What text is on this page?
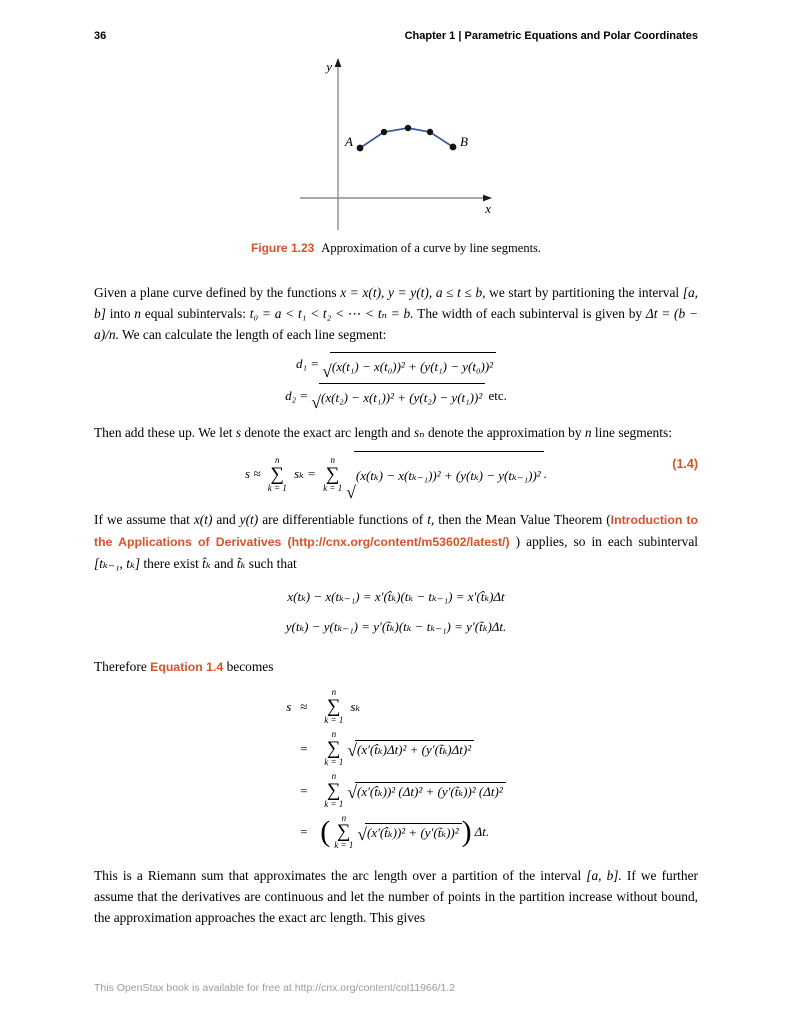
36	Chapter 1 | Parametric Equations and Polar Coordinates
y
x
A	B
Figure 1.23 Approximation of a curve by line segments.

Given a plane curve defined by the functions x = x(t), y = y(t), a ≤ t ≤ b, we start by partitioning the interval [a, b] into n equal subintervals: t₀ = a < t₁ < t₂ < ⋯ < tₙ = b. The width of each subinterval is given by Δt = (b − a)/n. We can calculate the length of each line segment:

d₁ = √ (x(t₁) − x(t₀))² + (y(t₁) − y(t₀))²
d₂ = √ (x(t₂) − x(t₁))² + (y(t₂) − y(t₁))² etc.

Then add these up. We let s denote the exact arc length and sₙ denote the approximation by n line segments:

s ≈
n
∑
k = 1
sₖ =
n
∑
k = 1
√ (x(tₖ) − x(tₖ₋₁))² + (y(tₖ) − y(tₖ₋₁))² .
(1.4)

If we assume that x(t) and y(t) are differentiable functions of t, then the Mean Value Theorem (Introduction to the Applications of Derivatives (http://cnx.org/content/m53602/latest/) ) applies, so in each subinterval [tₖ₋₁, tₖ] there exist t̂ₖ and t̃ₖ such that

x(tₖ) − x(tₖ₋₁) = x′(t̂ₖ)(tₖ − tₖ₋₁) = x′(t̂ₖ)Δt
y(tₖ) − y(tₖ₋₁) = y′(t̃ₖ)(tₖ − tₖ₋₁) = y′(t̃ₖ)Δt.

Therefore Equation 1.4 becomes

s ≈
n
∑
k = 1
sₖ
=
n
∑
k = 1
√ (x′(t̂ₖ)Δt)² + (y′(t̃ₖ)Δt)²
=
n
∑
k = 1
√ (x′(t̂ₖ))² (Δt)² + (y′(t̃ₖ))² (Δt)²
= ( n
∑
k = 1
√ (x′(t̂ₖ))² + (y′(t̃ₖ))² ) Δt.

This is a Riemann sum that approximates the arc length over a partition of the interval [a, b]. If we further assume that the derivatives are continuous and let the number of points in the partition increase without bound, the approximation approaches the exact arc length. This gives

This OpenStax book is available for free at http://cnx.org/content/col11966/1.2
